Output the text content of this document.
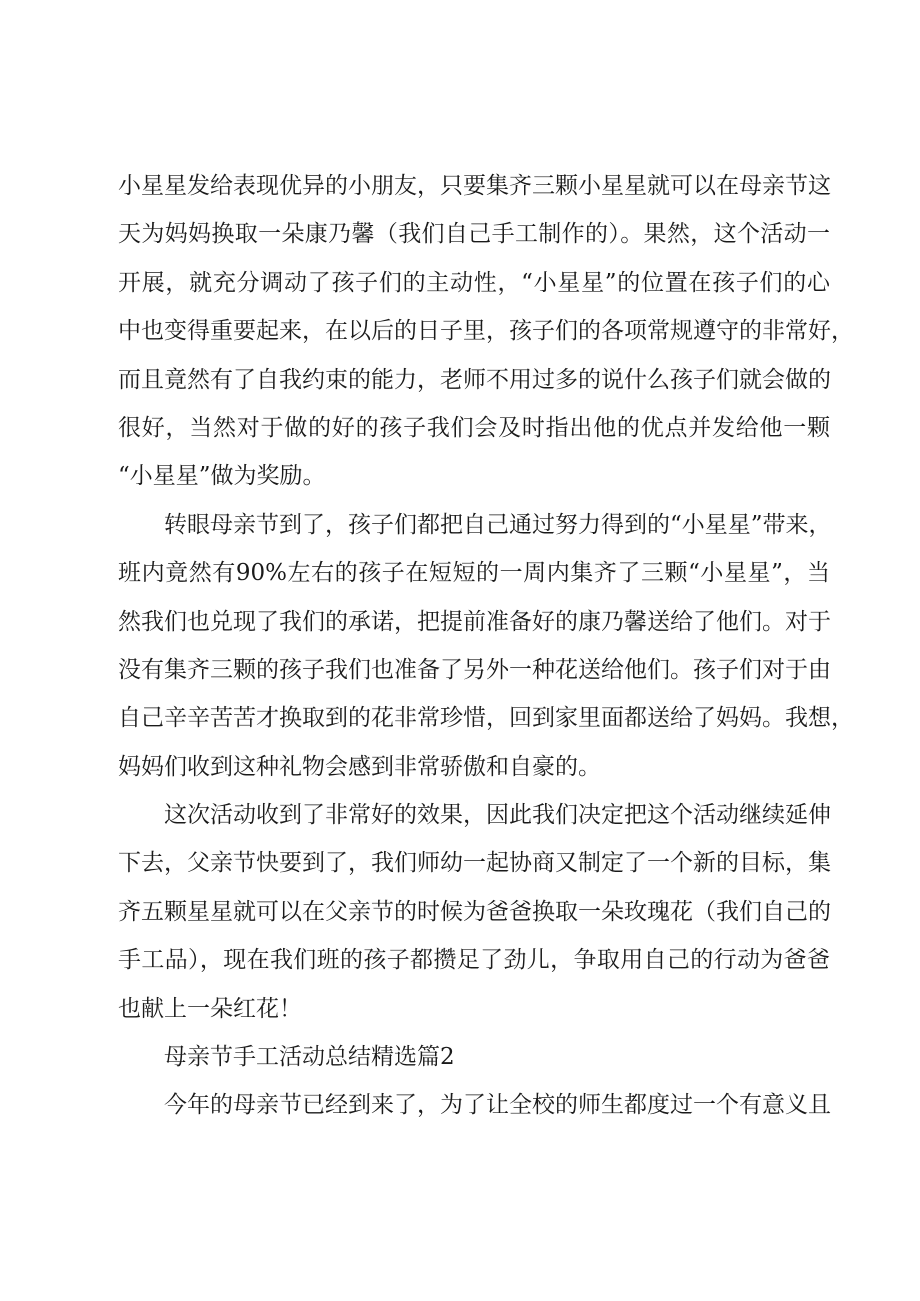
小星星发给表现优异的小朋友，只要集齐三颗小星星就可以在母亲节这
天为妈妈换取一朵康乃馨（我们自己手工制作的）。果然，这个活动一
开展，就充分调动了孩子们的主动性，“小星星”的位置在孩子们的心
中也变得重要起来，在以后的日子里，孩子们的各项常规遵守的非常好，
而且竟然有了自我约束的能力，老师不用过多的说什么孩子们就会做的
很好，当然对于做的好的孩子我们会及时指出他的优点并发给他一颗
“小星星”做为奖励。
转眼母亲节到了，孩子们都把自己通过努力得到的“小星星”带来，
班内竟然有90%左右的孩子在短短的一周内集齐了三颗“小星星”，当
然我们也兑现了我们的承诺，把提前准备好的康乃馨送给了他们。对于
没有集齐三颗的孩子我们也准备了另外一种花送给他们。孩子们对于由
自己辛辛苦苦才换取到的花非常珍惜，回到家里面都送给了妈妈。我想，
妈妈们收到这种礼物会感到非常骄傲和自豪的。
这次活动收到了非常好的效果，因此我们决定把这个活动继续延伸
下去，父亲节快要到了，我们师幼一起协商又制定了一个新的目标，集
齐五颗星星就可以在父亲节的时候为爸爸换取一朵玫瑰花（我们自己的
手工品），现在我们班的孩子都攒足了劲儿，争取用自己的行动为爸爸
也献上一朵红花！
母亲节手工活动总结精选篇2
今年的母亲节已经到来了，为了让全校的师生都度过一个有意义且
